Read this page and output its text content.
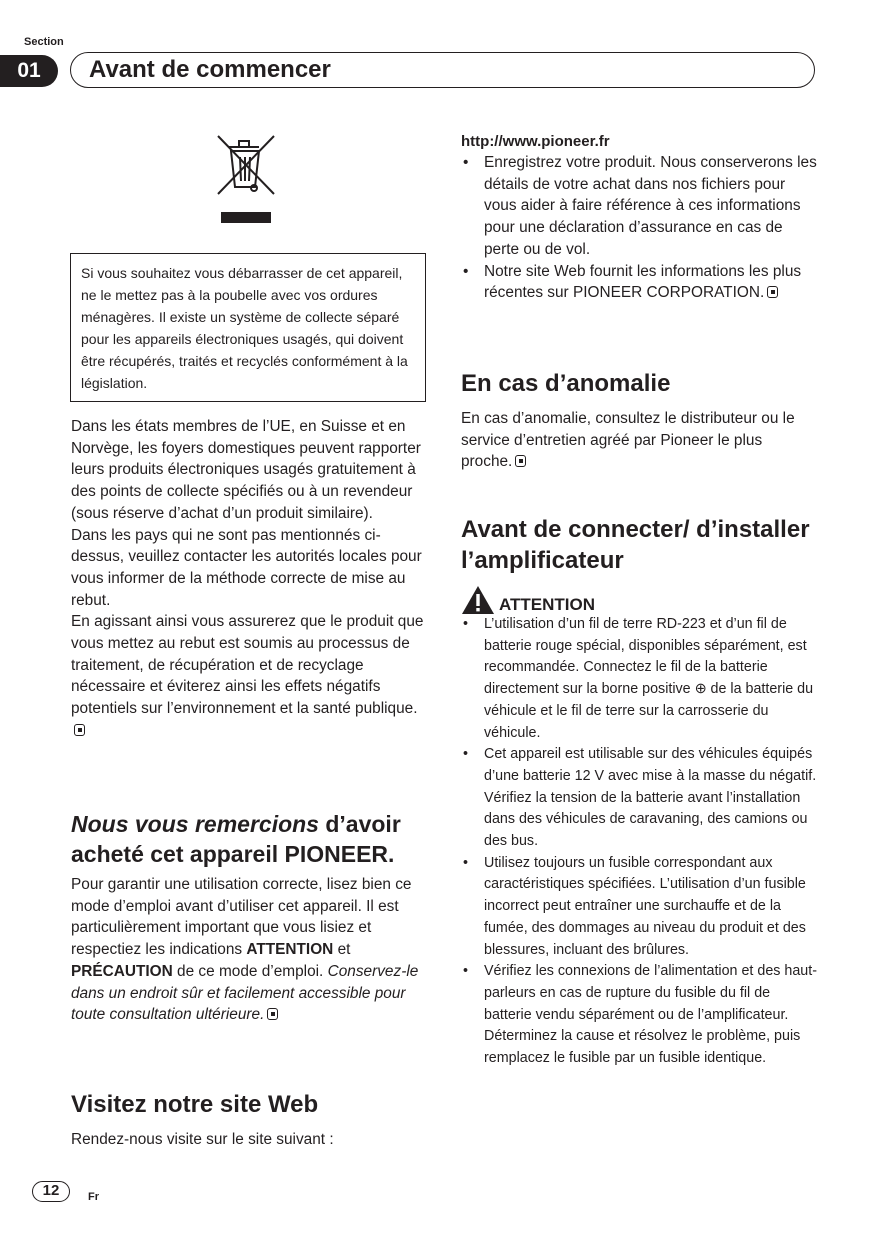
Section
01	Avant de commencer
Si vous souhaitez vous débarrasser de cet appareil, ne le mettez pas à la poubelle avec vos ordures ménagères. Il existe un système de collecte séparé pour les appareils électroniques usagés, qui doivent être récupérés, traités et recyclés conformément à la législation.
Dans les états membres de l’UE, en Suisse et en Norvège, les foyers domestiques peuvent rapporter leurs produits électroniques usagés gratuitement à des points de collecte spécifiés ou à un revendeur (sous réserve d’achat d’un produit similaire).
Dans les pays qui ne sont pas mentionnés ci-dessus, veuillez contacter les autorités locales pour vous informer de la méthode correcte de mise au rebut.
En agissant ainsi vous assurerez que le produit que vous mettez au rebut est soumis au processus de traitement, de récupération et de recyclage nécessaire et éviterez ainsi les effets négatifs potentiels sur l’environnement et la santé publique.
Nous vous remercions d’avoir acheté cet appareil PIONEER.
Pour garantir une utilisation correcte, lisez bien ce mode d’emploi avant d’utiliser cet appareil. Il est particulièrement important que vous lisiez et respectiez les indications ATTENTION et PRÉCAUTION de ce mode d’emploi. Conservez-le dans un endroit sûr et facilement accessible pour toute consultation ultérieure.
Visitez notre site Web
Rendez-nous visite sur le site suivant :
http://www.pioneer.fr
• Enregistrez votre produit. Nous conserverons les détails de votre achat dans nos fichiers pour vous aider à faire référence à ces informations pour une déclaration d’assurance en cas de perte ou de vol.
• Notre site Web fournit les informations les plus récentes sur PIONEER CORPORATION.
En cas d’anomalie
En cas d’anomalie, consultez le distributeur ou le service d’entretien agréé par Pioneer le plus proche.
Avant de connecter/ d’installer l’amplificateur
ATTENTION
• L’utilisation d’un fil de terre RD-223 et d’un fil de batterie rouge spécial, disponibles séparément, est recommandée. Connectez le fil de la batterie directement sur la borne positive ⊕ de la batterie du véhicule et le fil de terre sur la carrosserie du véhicule.
• Cet appareil est utilisable sur des véhicules équipés d’une batterie 12 V avec mise à la masse du négatif. Vérifiez la tension de la batterie avant l’installation dans des véhicules de caravaning, des camions ou des bus.
• Utilisez toujours un fusible correspondant aux caractéristiques spécifiées. L’utilisation d’un fusible incorrect peut entraîner une surchauffe et de la fumée, des dommages au niveau du produit et des blessures, incluant des brûlures.
• Vérifiez les connexions de l’alimentation et des haut-parleurs en cas de rupture du fusible du fil de batterie vendu séparément ou de l’amplificateur. Déterminez la cause et résolvez le problème, puis remplacez le fusible par un fusible identique.
12	Fr
